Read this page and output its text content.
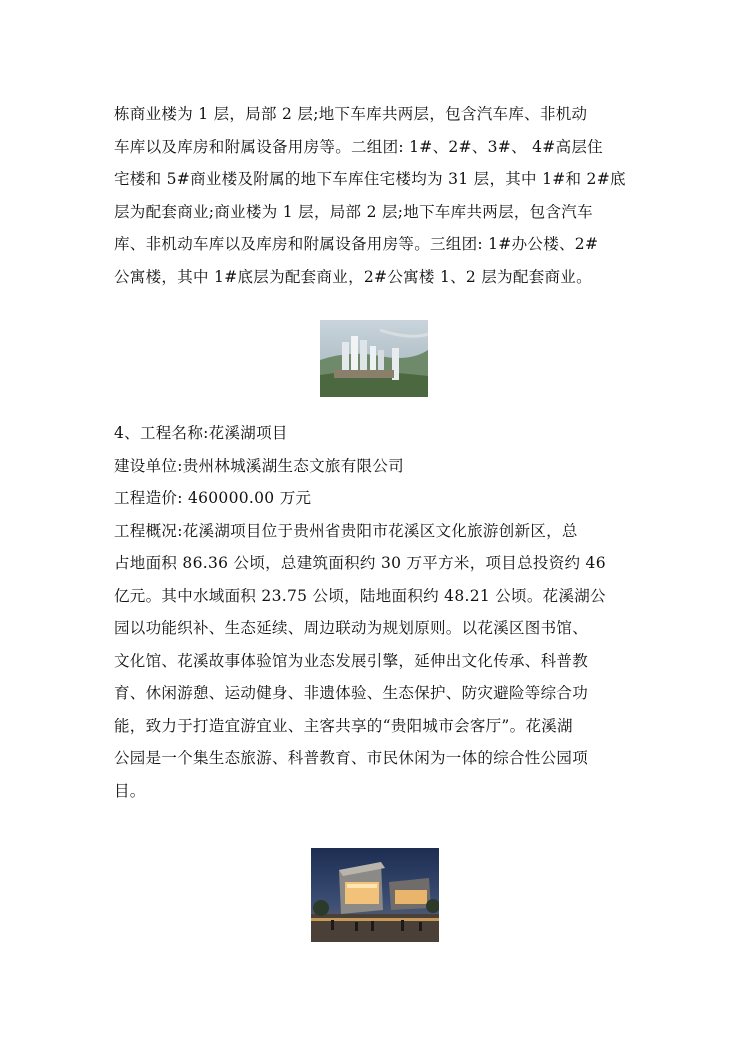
栋商业楼为 1 层，局部 2 层;地下车库共两层，包含汽车库、非机动
车库以及库房和附属设备用房等。二组团: 1#、2#、3#、 4#高层住
宅楼和 5#商业楼及附属的地下车库住宅楼均为 31 层，其中 1#和 2#底
层为配套商业;商业楼为 1 层，局部 2 层;地下车库共两层，包含汽车
库、非机动车库以及库房和附属设备用房等。三组团: 1#办公楼、2#
公寓楼，其中 1#底层为配套商业，2#公寓楼 1、2 层为配套商业。
4、工程名称:花溪湖项目
建设单位:贵州林城溪湖生态文旅有限公司
工程造价: 460000.00 万元
工程概况:花溪湖项目位于贵州省贵阳市花溪区文化旅游创新区，总
占地面积 86.36 公顷，总建筑面积约 30 万平方米，项目总投资约 46
亿元。其中水域面积 23.75 公顷，陆地面积约 48.21 公顷。花溪湖公
园以功能织补、生态延续、周边联动为规划原则。以花溪区图书馆、
文化馆、花溪故事体验馆为业态发展引擎，延伸出文化传承、科普教
育、休闲游憩、运动健身、非遗体验、生态保护、防灾避险等综合功
能，致力于打造宜游宜业、主客共享的“贵阳城市会客厅”。花溪湖
公园是一个集生态旅游、科普教育、市民休闲为一体的综合性公园项
目。
